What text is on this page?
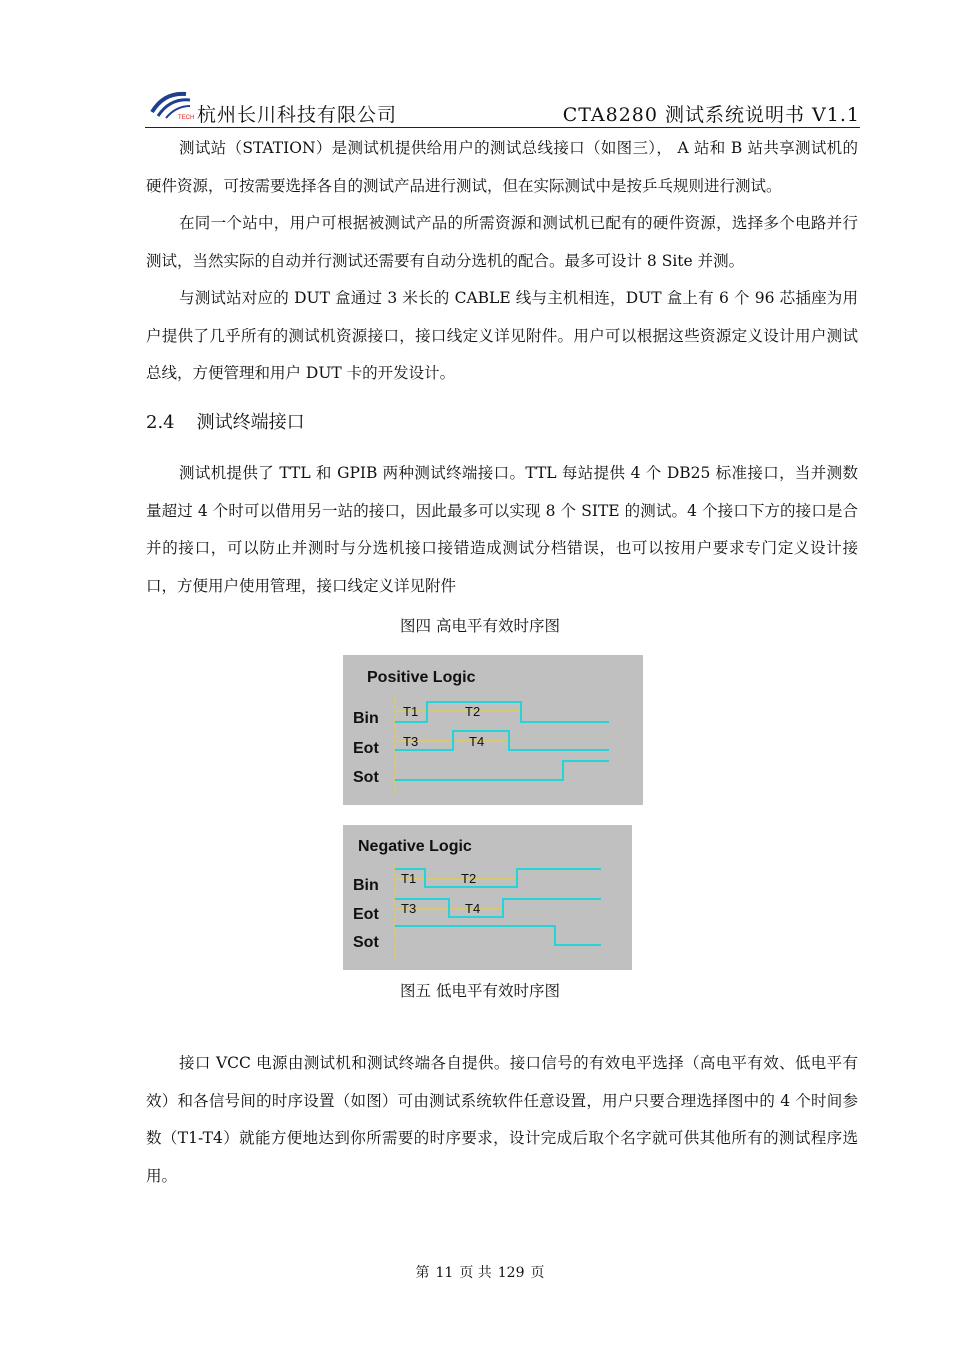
TECH 杭州长川科技有限公司	CTA8280 测试系统说明书 V1.1

测试站（STATION）是测试机提供给用户的测试总线接口（如图三）， A 站和 B 站共享测试机的硬件资源，可按需要选择各自的测试产品进行测试，但在实际测试中是按乒乓规则进行测试。

在同一个站中，用户可根据被测试产品的所需资源和测试机已配有的硬件资源，选择多个电路并行测试，当然实际的自动并行测试还需要有自动分选机的配合。最多可设计 8 Site 并测。

与测试站对应的 DUT 盒通过 3 米长的 CABLE 线与主机相连，DUT 盒上有 6 个 96 芯插座为用户提供了几乎所有的测试机资源接口，接口线定义详见附件。用户可以根据这些资源定义设计用户测试总线，方便管理和用户 DUT 卡的开发设计。

2.4 测试终端接口

测试机提供了 TTL 和 GPIB 两种测试终端接口。TTL 每站提供 4 个 DB25 标准接口，当并测数量超过 4 个时可以借用另一站的接口，因此最多可以实现 8 个 SITE 的测试。4 个接口下方的接口是合并的接口，可以防止并测时与分选机接口接错造成测试分档错误，也可以按用户要求专门定义设计接口，方便用户使用管理，接口线定义详见附件

图四 高电平有效时序图
Positive Logic
Bin
Eot
Sot
T1	T2
T3	T4
Negative Logic
Bin
Eot
Sot
T1	T2
T3	T4
图五 低电平有效时序图

接口 VCC 电源由测试机和测试终端各自提供。接口信号的有效电平选择（高电平有效、低电平有效）和各信号间的时序设置（如图）可由测试系统软件任意设置，用户只要合理选择图中的 4 个时间参数（T1-T4）就能方便地达到你所需要的时序要求，设计完成后取个名字就可供其他所有的测试程序选用。

第 11 页 共 129 页
